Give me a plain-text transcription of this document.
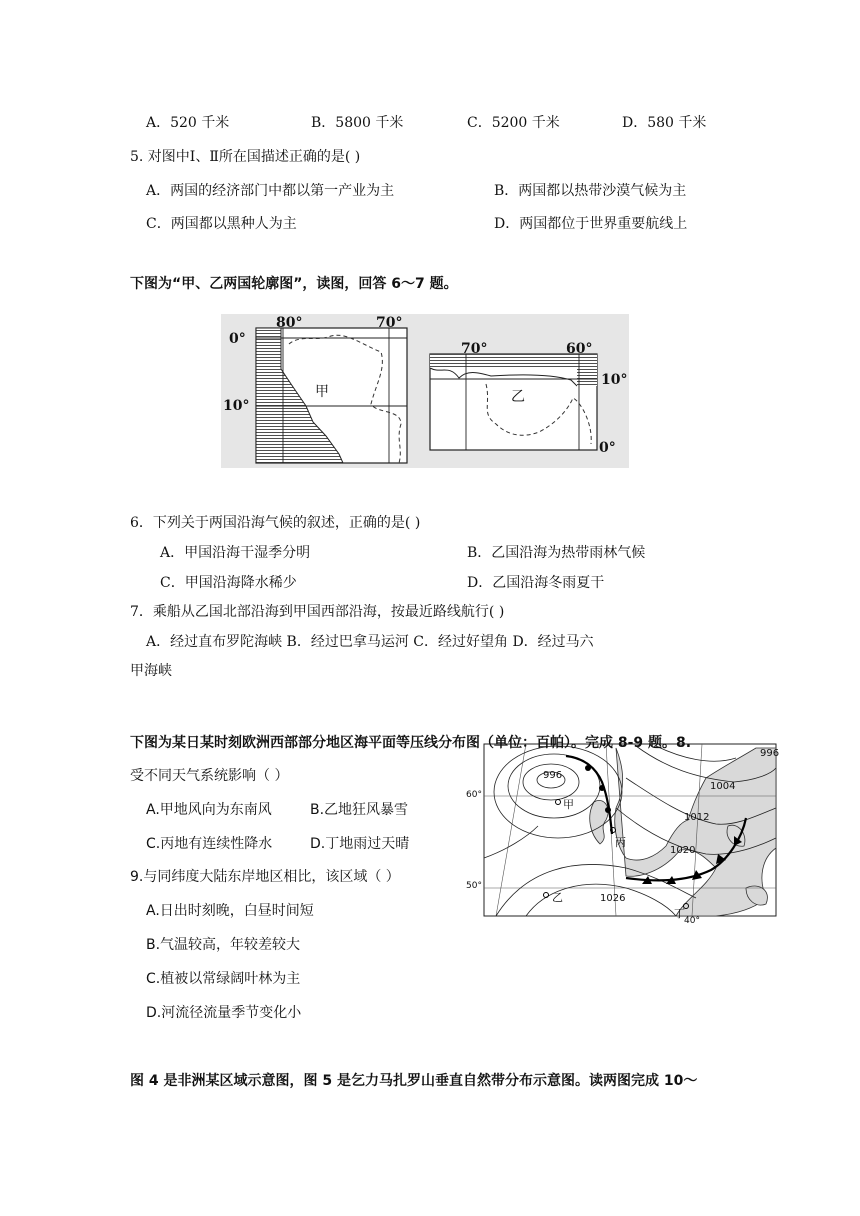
A．520 千米	B．5800 千米	C．5200 千米	D．580 千米
5. 对图中Ⅰ、Ⅱ所在国描述正确的是( )
A．两国的经济部门中都以第一产业为主	B．两国都以热带沙漠气候为主
C．两国都以黑种人为主	D．两国都位于世界重要航线上
下图为“甲、乙两国轮廓图”，读图，回答 6～7 题。
80°	70°
0°
10°
甲
70°	60°
10°
0°
乙
6．下列关于两国沿海气候的叙述，正确的是( )
A．甲国沿海干湿季分明	B．乙国沿海为热带雨林气候
C．甲国沿海降水稀少	D．乙国沿海冬雨夏干
7．乘船从乙国北部沿海到甲国西部沿海，按最近路线航行( )
A．经过直布罗陀海峡 B．经过巴拿马运河 C．经过好望角 D．经过马六
甲海峡
下图为某日某时刻欧洲西部部分地区海平面等压线分布图（单位：百帕）。完成 8-9 题。8.
受不同天气系统影响（ ）
A.甲地风向为东南风	B.乙地狂风暴雪
C.丙地有连续性降水	D.丁地雨过天晴
9.与同纬度大陆东岸地区相比，该区域（ ）
A.日出时刻晚，白昼时间短
B.气温较高，年较差较大
C.植被以常绿阔叶林为主
D.河流径流量季节变化小
996
996
1004
1012
1020
1026
60°
50°
40°
甲
乙
丙
丁
图 4 是非洲某区域示意图，图 5 是乞力马扎罗山垂直自然带分布示意图。读两图完成 10～
